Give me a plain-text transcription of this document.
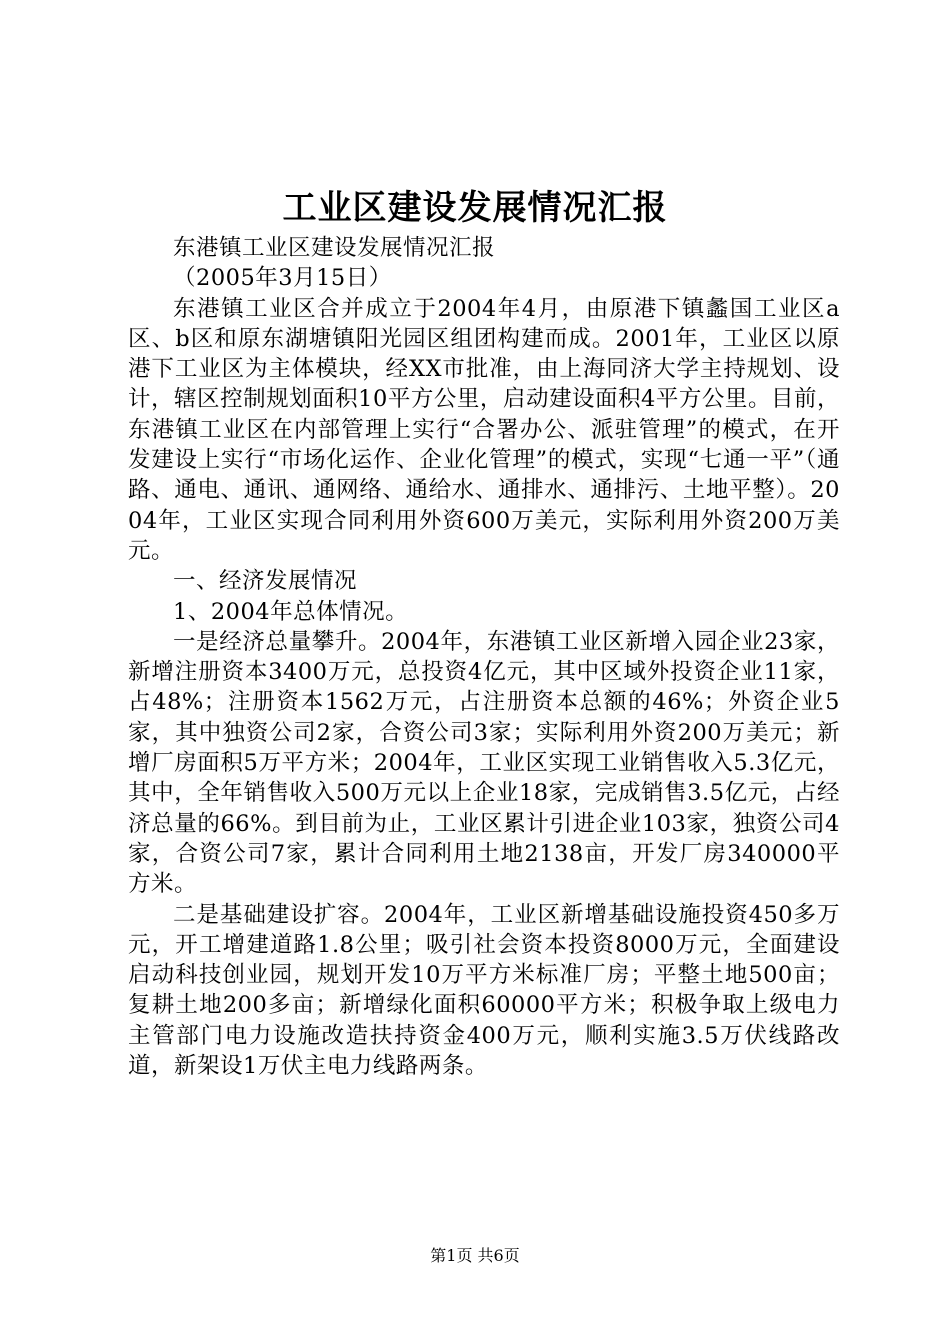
工业区建设发展情况汇报

东港镇工业区建设发展情况汇报

（2005年3月15日）

东港镇工业区合并成立于2004年4月，由原港下镇蠡国工业区a区、b区和原东湖塘镇阳光园区组团构建而成。2001年，工业区以原港下工业区为主体模块，经XX市批准，由上海同济大学主持规划、设计，辖区控制规划面积10平方公里，启动建设面积4平方公里。目前，东港镇工业区在内部管理上实行“合署办公、派驻管理”的模式，在开发建设上实行“市场化运作、企业化管理”的模式，实现“七通一平”（通路、通电、通讯、通网络、通给水、通排水、通排污、土地平整）。2004年，工业区实现合同利用外资600万美元，实际利用外资200万美元。

一、经济发展情况

1、2004年总体情况。

一是经济总量攀升。2004年，东港镇工业区新增入园企业23家，新增注册资本3400万元，总投资4亿元，其中区域外投资企业11家，占48%；注册资本1562万元，占注册资本总额的46%；外资企业5家，其中独资公司2家，合资公司3家；实际利用外资200万美元；新增厂房面积5万平方米；2004年，工业区实现工业销售收入5.3亿元，其中，全年销售收入500万元以上企业18家，完成销售3.5亿元，占经济总量的66%。到目前为止，工业区累计引进企业103家，独资公司4家，合资公司7家，累计合同利用土地2138亩，开发厂房340000平方米。

二是基础建设扩容。2004年，工业区新增基础设施投资450多万元，开工增建道路1.8公里；吸引社会资本投资8000万元，全面建设启动科技创业园，规划开发10万平方米标准厂房；平整土地500亩；复耕土地200多亩；新增绿化面积60000平方米；积极争取上级电力主管部门电力设施改造扶持资金400万元，顺利实施3.5万伏线路改道，新架设1万伏主电力线路两条。

第1页 共6页
